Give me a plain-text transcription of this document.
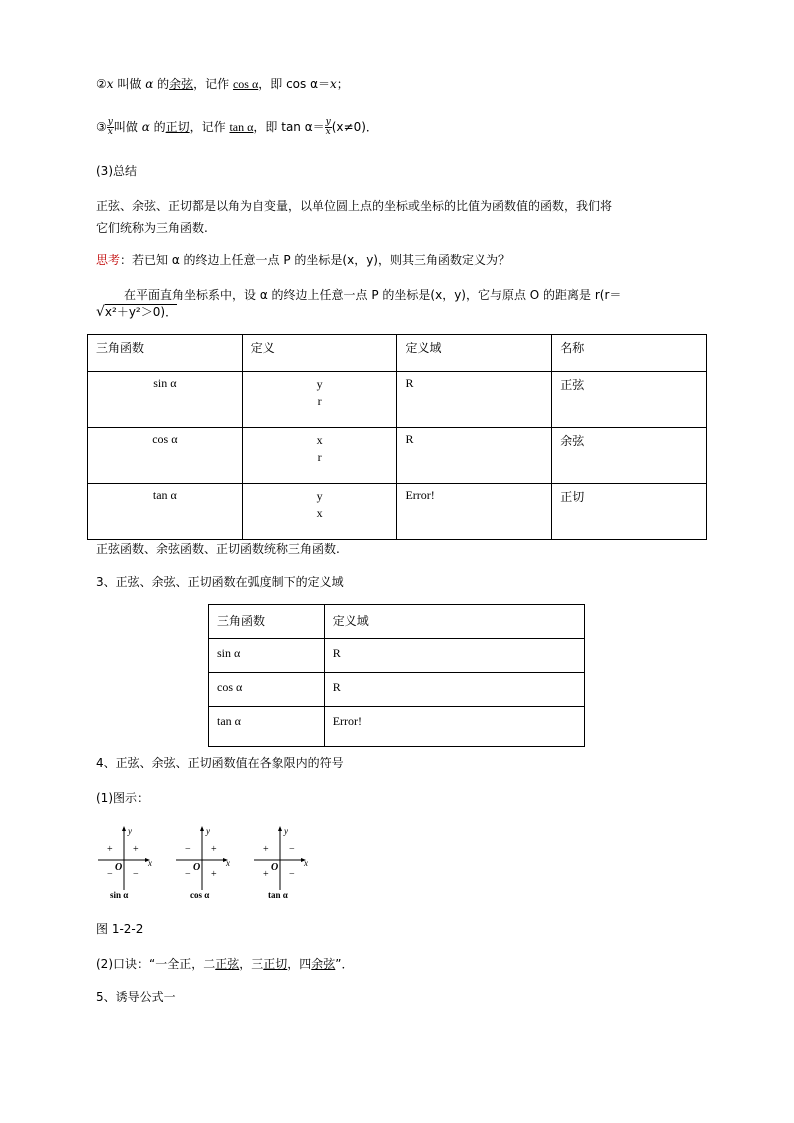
②x 叫做 α 的余弦，记作 cos α，即 cos α＝x；
③ $\frac{y}{x}$ 叫做 α 的正切，记作 tan α，即 $\tan \alpha= \frac{y}{x} (x\ne 0)$．
(3)总结
正弦、余弦、正切都是以角为自变量，以单位圆上点的坐标或坐标的比值为函数值的函数，我们将
它们统称为三角函数.
思考：若已知 α 的终边上任意一点 P 的坐标是(x，y)，则其三角函数定义为？
在平面直角坐标系中，设 α 的终边上任意一点 P 的坐标是(x，y)，它与原点 O 的距离是 r(r＝
√x²＋y²＞0)．
三角函数	定义	定义域	名称
sin α	y
r	R	正弦
cos α	x
r	R	余弦
tan α	y
x	Error!	正切
正弦函数、余弦函数、正切函数统称三角函数.
3、正弦、余弦、正切函数在弧度制下的定义域
三角函数	定义域
sin α	R
cos α	R
tan α	Error!
4、正弦、余弦、正切函数值在各象限内的符号
(1)图示：
y
x
O
+
+
− −
sin α
y
x
O
+
−
− +
cos α
y
x
O
−
+
+ −
tan α
图 1-2-2
(2)口诀：“一全正，二正弦，三正切，四余弦”．
5、诱导公式一
